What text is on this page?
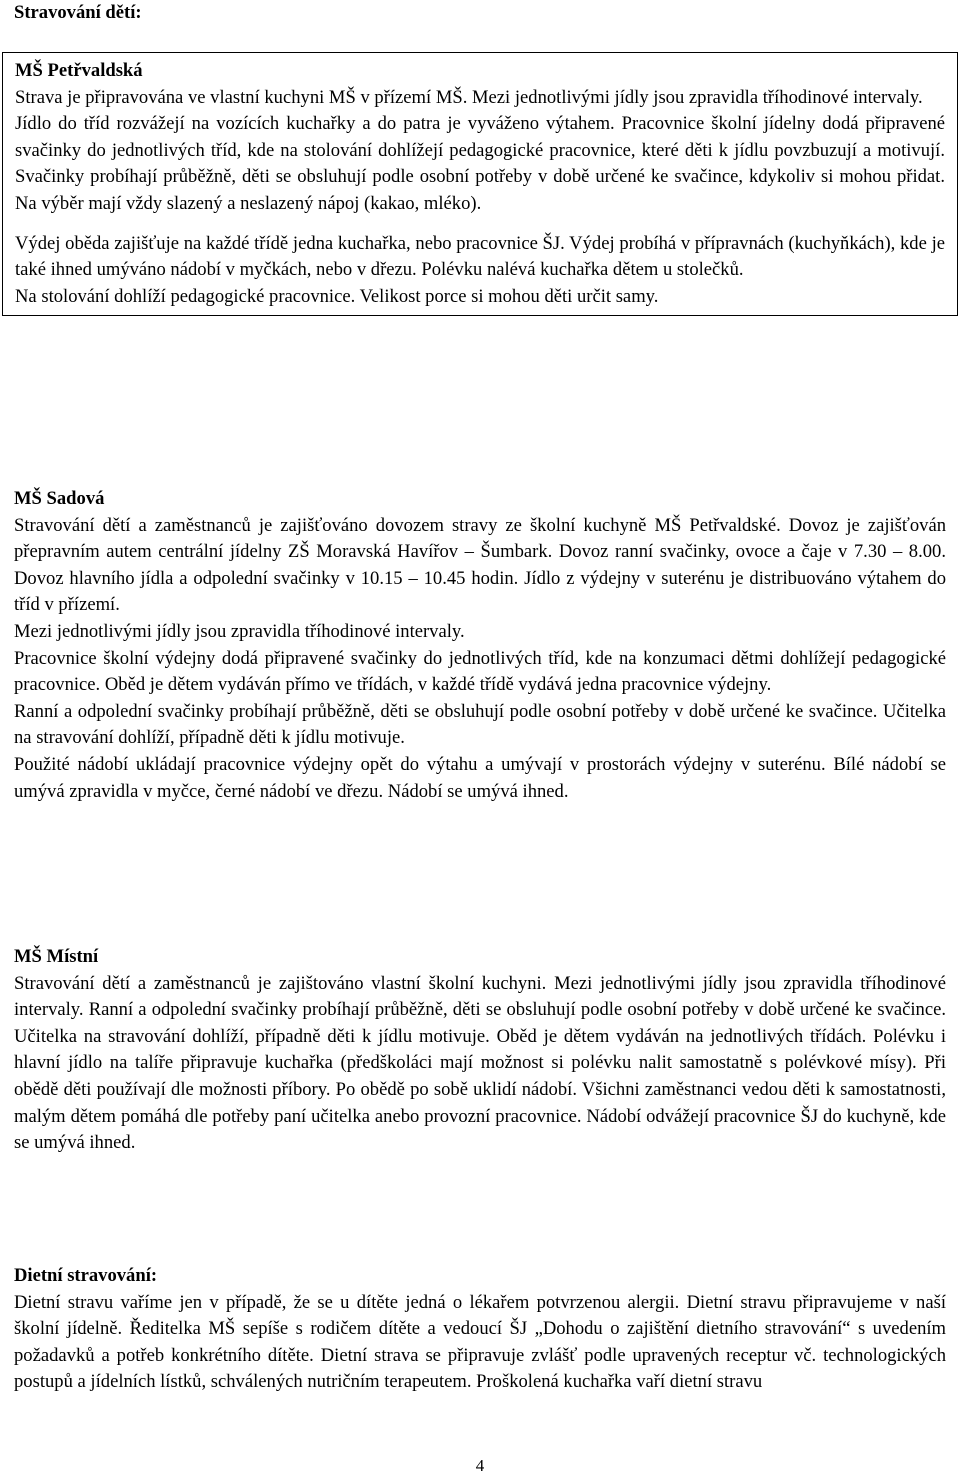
Stravování dětí:

MŠ Petřvaldská

Strava je připravována ve vlastní kuchyni MŠ v přízemí MŠ. Mezi jednotlivými jídly jsou zpravidla tříhodinové intervaly.

Jídlo do tříd rozvážejí na vozících kuchařky a do patra je vyváženo výtahem. Pracovnice školní jídelny dodá připravené svačinky do jednotlivých tříd, kde na stolování dohlížejí pedagogické pracovnice, které děti k jídlu povzbuzují a motivují. Svačinky probíhají průběžně, děti se obsluhují podle osobní potřeby v době určené ke svačince, kdykoliv si mohou přidat. Na výběr mají vždy slazený a neslazený nápoj (kakao, mléko).

Výdej oběda zajišťuje na každé třídě jedna kuchařka, nebo pracovnice ŠJ. Výdej probíhá v přípravnách (kuchyňkách), kde je také ihned umýváno nádobí v myčkách, nebo v dřezu. Polévku nalévá kuchařka dětem u stolečků.

Na stolování dohlíží pedagogické pracovnice. Velikost porce si mohou děti určit samy.

MŠ Sadová

Stravování dětí a zaměstnanců je zajišťováno dovozem stravy ze školní kuchyně MŠ Petřvaldské. Dovoz je zajišťován přepravním autem centrální jídelny ZŠ Moravská Havířov – Šumbark. Dovoz ranní svačinky, ovoce a čaje v 7.30 – 8.00. Dovoz hlavního jídla a odpolední svačinky v 10.15 – 10.45 hodin. Jídlo z výdejny v suterénu je distribuováno výtahem do tříd v přízemí.

Mezi jednotlivými jídly jsou zpravidla tříhodinové intervaly.

Pracovnice školní výdejny dodá připravené svačinky do jednotlivých tříd, kde na konzumaci dětmi dohlížejí pedagogické pracovnice. Oběd je dětem vydáván přímo ve třídách, v každé třídě vydává jedna pracovnice výdejny.

Ranní a odpolední svačinky probíhají průběžně, děti se obsluhují podle osobní potřeby v době určené ke svačince. Učitelka na stravování dohlíží, případně děti k jídlu motivuje.

Použité nádobí ukládají pracovnice výdejny opět do výtahu a umývají v prostorách výdejny v suterénu. Bílé nádobí se umývá zpravidla v myčce, černé nádobí ve dřezu. Nádobí se umývá ihned.

MŠ Místní

Stravování dětí a zaměstnanců je zajištováno vlastní školní kuchyni. Mezi jednotlivými jídly jsou zpravidla tříhodinové intervaly. Ranní a odpolední svačinky probíhají průběžně, děti se obsluhují podle osobní potřeby v době určené ke svačince. Učitelka na stravování dohlíží, případně děti k jídlu motivuje. Oběd je dětem vydáván na jednotlivých třídách. Polévku i hlavní jídlo na talíře připravuje kuchařka (předškoláci mají možnost si polévku nalit samostatně s polévkové mísy). Při obědě děti používají dle možnosti příbory. Po obědě po sobě uklidí nádobí. Všichni zaměstnanci vedou děti k samostatnosti, malým dětem pomáhá dle potřeby paní učitelka anebo provozní pracovnice. Nádobí odvážejí pracovnice ŠJ do kuchyně, kde se umývá ihned.

Dietní stravování:

Dietní stravu vaříme jen v případě, že se u dítěte jedná o lékařem potvrzenou alergii. Dietní stravu připravujeme v naší školní jídelně. Ředitelka MŠ sepíše s rodičem dítěte a vedoucí ŠJ „Dohodu o zajištění dietního stravování“ s uvedením požadavků a potřeb konkrétního dítěte. Dietní strava se připravuje zvlášť podle upravených receptur vč. technologických postupů a jídelních lístků, schválených nutričním terapeutem. Proškolená kuchařka vaří dietní stravu

4
